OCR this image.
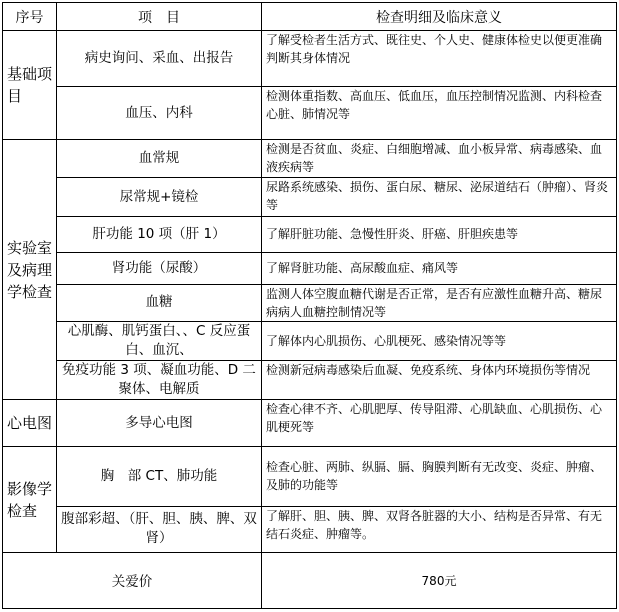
序号	项　目	检查明细及临床意义
基础项目	病史询问、采血、出报告	了解受检者生活方式、既往史、个人史、健康体检史以便更准确判断其身体情况
	血压、内科	检测体重指数、高血压、低血压，血压控制情况监测、内科检查心脏、肺情况等
实验室及病理学检查	血常规	检测是否贫血、炎症、白细胞增减、血小板异常、病毒感染、血液疾病等
	尿常规+镜检	尿路系统感染、损伤、蛋白尿、糖尿、泌尿道结石（肿瘤）、肾炎等
	肝功能 10 项（肝 1）	了解肝脏功能、急慢性肝炎、肝癌、肝胆疾患等
	肾功能（尿酸）	了解肾脏功能、高尿酸血症、痛风等
	血糖	监测人体空腹血糖代谢是否正常，是否有应激性血糖升高、糖尿病病人血糖控制情况等
	心肌酶、肌钙蛋白、、C 反应蛋白、血沉、	了解体内心肌损伤、心肌梗死、感染情况等等
	免疫功能 3 项、凝血功能、D 二聚体、电解质	检测新冠病毒感染后血凝、免疫系统、身体内环境损伤等情况
心电图	多导心电图	检查心律不齐、心肌肥厚、传导阻滞、心肌缺血、心肌损伤、心肌梗死等
影像学检查	胸　部 CT、肺功能	检查心脏、两肺、纵膈、膈、胸膜判断有无改变、炎症、肿瘤、及肺的功能等
	腹部彩超、（肝、胆、胰、脾、双肾）	了解肝、胆、胰、脾、双肾各脏器的大小、结构是否异常、有无结石炎症、肿瘤等。
关爱价		780元
